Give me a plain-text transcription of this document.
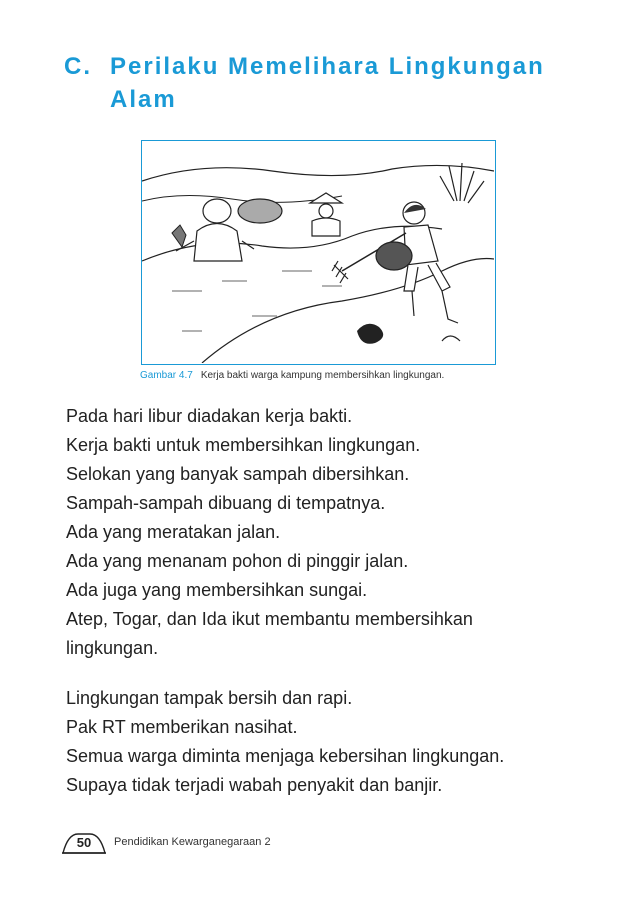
C. Perilaku Memelihara Lingkungan
Alam
Gambar 4.7 Kerja bakti warga kampung membersihkan lingkungan.
Pada hari libur diadakan kerja bakti.
Kerja bakti untuk membersihkan lingkungan.
Selokan yang banyak sampah dibersihkan.
Sampah-sampah dibuang di tempatnya.
Ada yang meratakan jalan.
Ada yang menanam pohon di pinggir jalan.
Ada juga yang membersihkan sungai.
Atep, Togar, dan Ida ikut membantu membersihkan
lingkungan.
Lingkungan tampak bersih dan rapi.
Pak RT memberikan nasihat.
Semua warga diminta menjaga kebersihan lingkungan.
Supaya tidak terjadi wabah penyakit dan banjir.
50	Pendidikan Kewarganegaraan 2
